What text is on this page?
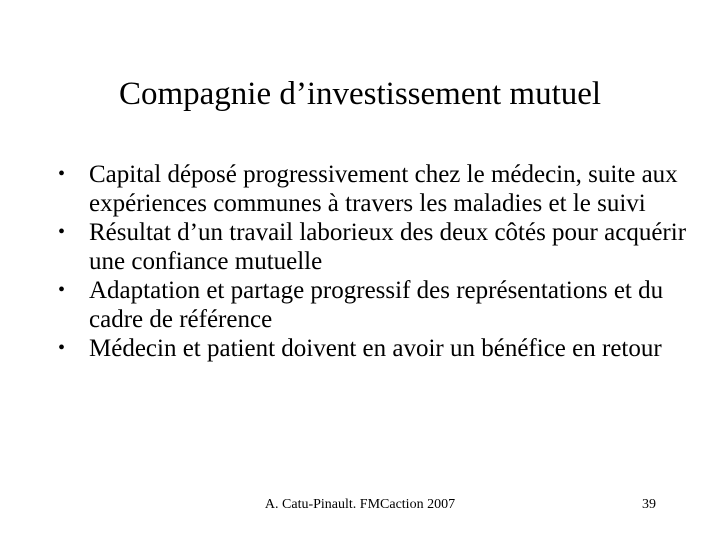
Compagnie d’investissement mutuel
• Capital déposé progressivement chez le médecin, suite aux expériences communes à travers les maladies et le suivi
• Résultat d’un travail laborieux des deux côtés pour acquérir une confiance mutuelle
• Adaptation et partage progressif des représentations et du cadre de référence
• Médecin et patient doivent en avoir un bénéfice en retour
A. Catu-Pinault. FMCaction 2007	39
